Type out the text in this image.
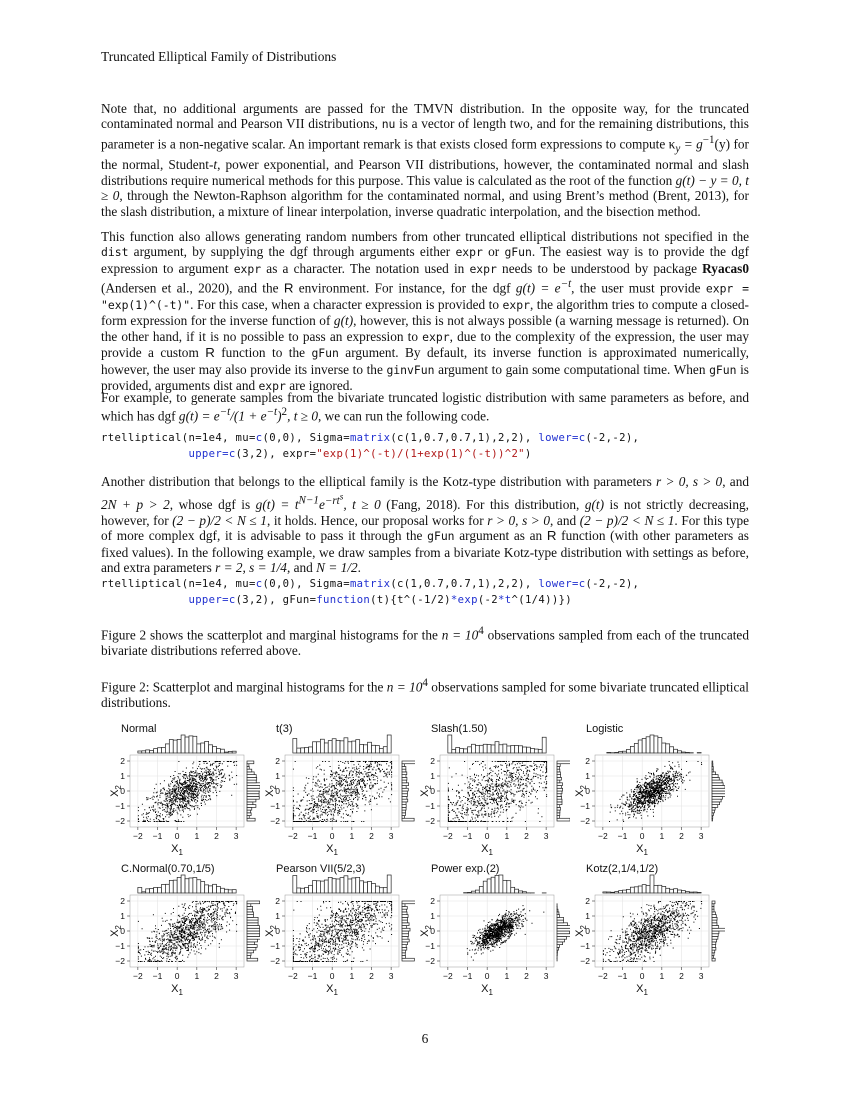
Truncated Elliptical Family of Distributions

Note that, no additional arguments are passed for the TMVN distribution. In the opposite way, for the truncated contaminated normal and Pearson VII distributions, nu is a vector of length two, and for the remaining distributions, this parameter is a non-negative scalar. An important remark is that exists closed form expressions to compute $\kappa_y = g^{-1}(y)$ for the normal, Student-t, power exponential, and Pearson VII distributions, however, the contaminated normal and slash distributions require numerical methods for this purpose. This value is calculated as the root of the function g(t) − y = 0, t ≥ 0, through the Newton-Raphson algorithm for the contaminated normal, and using Brent’s method (Brent, 2013), for the slash distribution, a mixture of linear interpolation, inverse quadratic interpolation, and the bisection method.

This function also allows generating random numbers from other truncated elliptical distributions not specified in the dist argument, by supplying the dgf through arguments either expr or gFun. The easiest way is to provide the dgf expression to argument expr as a character. The notation used in expr needs to be understood by package Ryacas0 (Andersen et al., 2020), and the R environment. For instance, for the dgf $g(t) = e^{-t}$, the user must provide expr = "exp(1)^(-t)". For this case, when a character expression is provided to expr, the algorithm tries to compute a closed-form expression for the inverse function of g(t), however, this is not always possible (a warning message is returned). On the other hand, if it is no possible to pass an expression to expr, due to the complexity of the expression, the user may provide a custom R function to the gFun argument. By default, its inverse function is approximated numerically, however, the user may also provide its inverse to the ginvFun argument to gain some computational time. When gFun is provided, arguments dist and expr are ignored.

For example, to generate samples from the bivariate truncated logistic distribution with same parameters as before, and which has dgf $g(t) = e^{-t}/(1 + e^{-t})^2$, t ≥ 0, we can run the following code.

rtelliptical(n=1e4, mu=c(0,0), Sigma=matrix(c(1,0.7,0.7,1),2,2), lower=c(-2,-2),
upper=c(3,2), expr="exp(1)^(-t)/(1+exp(1)^(-t))^2")

Another distribution that belongs to the elliptical family is the Kotz-type distribution with parameters r > 0, s > 0, and 2N + p > 2, whose dgf is $g(t) = t^{N-1}e^{-rt^s}$, t ≥ 0 (Fang, 2018). For this distribution, g(t) is not strictly decreasing, however, for (2 − p)/2 < N ≤ 1, it holds. Hence, our proposal works for r > 0, s > 0, and (2 − p)/2 < N ≤ 1. For this type of more complex dgf, it is advisable to pass it through the gFun argument as an R function (with other parameters as fixed values). In the following example, we draw samples from a bivariate Kotz-type distribution with settings as before, and extra parameters r = 2, s = 1/4, and N = 1/2.

rtelliptical(n=1e4, mu=c(0,0), Sigma=matrix(c(1,0.7,0.7,1),2,2), lower=c(-2,-2),
upper=c(3,2), gFun=function(t){t^(-1/2)*exp(-2*t^(1/4))})

Figure 2 shows the scatterplot and marginal histograms for the $n = 10^4$ observations sampled from each of the truncated bivariate distributions referred above.

Figure 2: Scatterplot and marginal histograms for the $n = 10^4$ observations sampled for some bivariate truncated elliptical distributions.

Normal
−2 −1 0 1 2 3
2
1
0
−1
−2
$X_1$
$X_2$
t(3)
−2 −1 0 1 2 3
2
1
0
−1
−2
$X_1$
$X_2$
Slash(1.50)
−2 −1 0 1 2 3
2
1
0
−1
−2
$X_1$
$X_2$
Logistic
−2 −1 0 1 2 3
2
1
0
−1
−2
$X_1$
$X_2$
C.Normal(0.70,1/5)
−2 −1 0 1 2 3
2
1
0
−1
−2
$X_1$
$X_2$
Pearson VII(5/2,3)
−2 −1 0 1 2 3
2
1
0
−1
−2
$X_1$
$X_2$
Power exp.(2)
−2 −1 0 1 2 3
2
1
0
−1
−2
$X_1$
$X_2$
Kotz(2,1/4,1/2)
−2 −1 0 1 2 3
2
1
0
−1
−2
$X_1$
$X_2$
6
